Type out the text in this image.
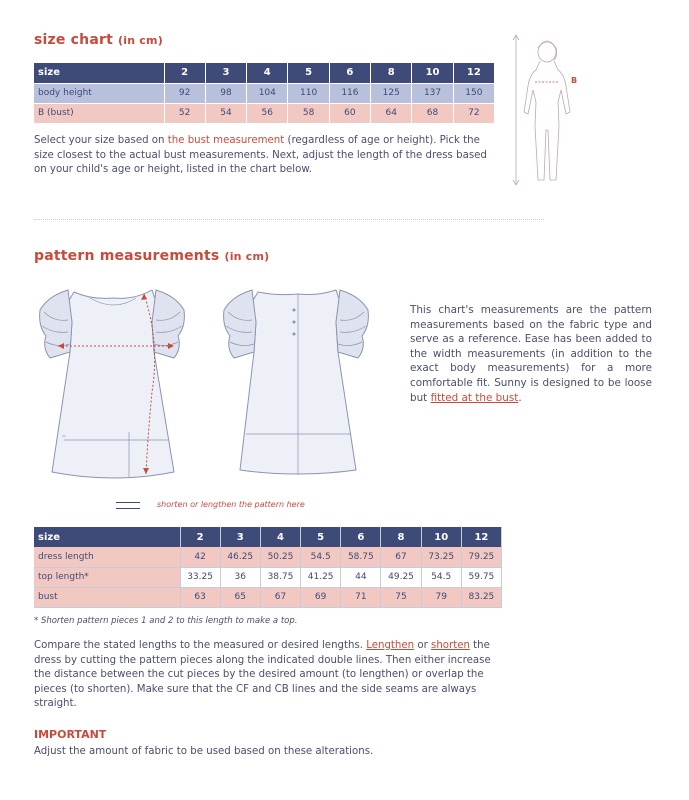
size chart (in cm)
size	2	3	4	5	6	8	10	12
body height	92	98	104	110	116	125	137	150
B (bust)	52	54	56	58	60	64	68	72
Select your size based on the bust measurement (regardless of age or height). Pick the size closest to the actual bust measurements. Next, adjust the length of the dress based on your child's age or height, listed in the chart below.
B
pattern measurements (in cm)
This chart's measurements are the pattern measurements based on the fabric type and serve as a reference. Ease has been added to the width measurements (in addition to the exact body measurements) for a more comfortable fit. Sunny is designed to be loose but fitted at the bust.
shorten or lengthen the pattern here
size	2	3	4	5	6	8	10	12
dress length	42	46.25	50.25	54.5	58.75	67	73.25	79.25
top length*	33.25	36	38.75	41.25	44	49.25	54.5	59.75
bust	63	65	67	69	71	75	79	83.25
* Shorten pattern pieces 1 and 2 to this length to make a top.
Compare the stated lengths to the measured or desired lengths. Lengthen or shorten the dress by cutting the pattern pieces along the indicated double lines. Then either increase the distance between the cut pieces by the desired amount (to lengthen) or overlap the pieces (to shorten). Make sure that the CF and CB lines and the side seams are always straight.
IMPORTANT
Adjust the amount of fabric to be used based on these alterations.
